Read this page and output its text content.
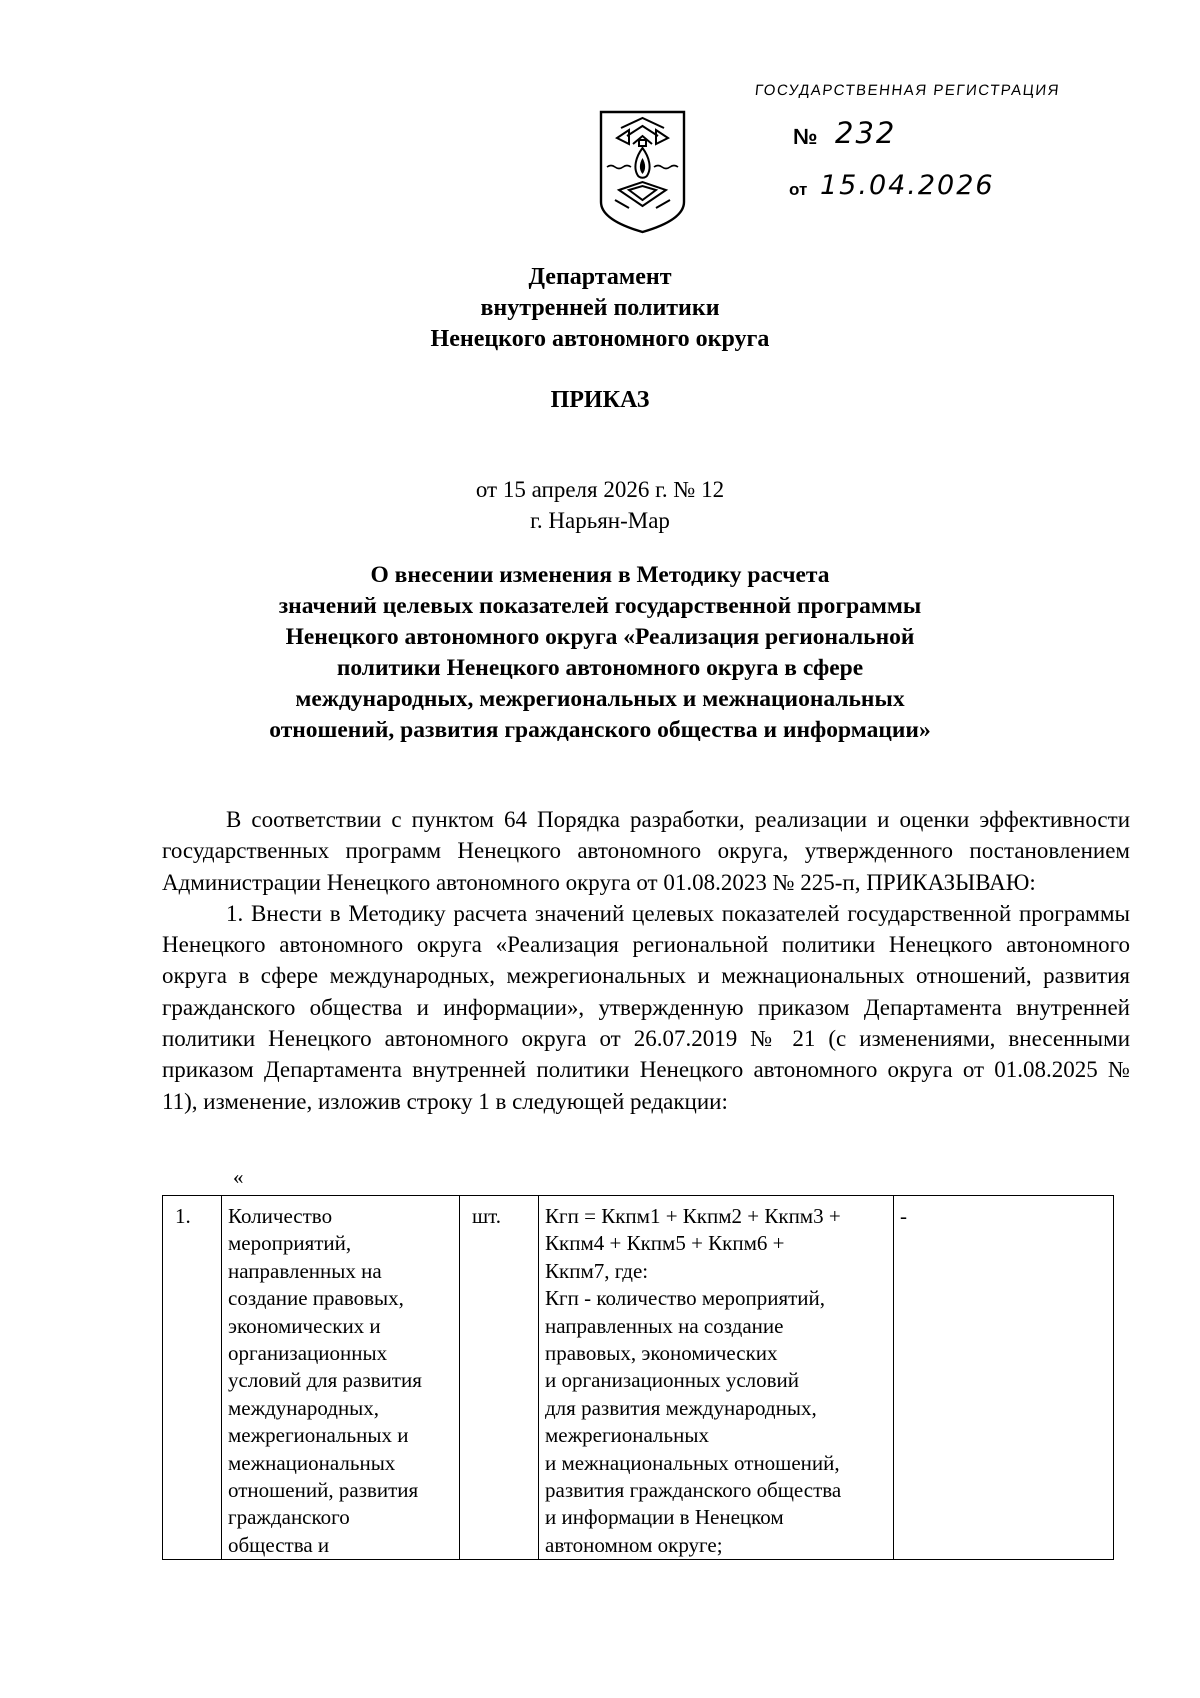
ГОСУДАРСТВЕННАЯ РЕГИСТРАЦИЯ
№ 232
от 15.04.2026
Департамент
внутренней политики
Ненецкого автономного округа
ПРИКАЗ
от 15 апреля 2026 г. № 12
г. Нарьян-Мар
О внесении изменения в Методику расчета
значений целевых показателей государственной программы
Ненецкого автономного округа «Реализация региональной
политики Ненецкого автономного округа в сфере
международных, межрегиональных и межнациональных
отношений, развития гражданского общества и информации»

В соответствии с пунктом 64 Порядка разработки, реализации и оценки эффективности государственных программ Ненецкого автономного округа, утвержденного постановлением Администрации Ненецкого автономного округа от 01.08.2023 № 225-п, ПРИКАЗЫВАЮ:

1. Внести в Методику расчета значений целевых показателей государственной программы Ненецкого автономного округа «Реализация региональной политики Ненецкого автономного округа в сфере международных, межрегиональных и межнациональных отношений, развития гражданского общества и информации», утвержденную приказом Департамента внутренней политики Ненецкого автономного округа от 26.07.2019 № 21 (с изменениями, внесенными приказом Департамента внутренней политики Ненецкого автономного округа от 01.08.2025 № 11), изменение, изложив строку 1 в следующей редакции:

«
1.	Количество
мероприятий,
направленных на
создание правовых,
экономических и
организационных
условий для развития
международных,
межрегиональных и
межнациональных
отношений, развития
гражданского
общества и
	шт.	Кгп = Ккпм1 + Ккпм2 + Ккпм3 +
Ккпм4 + Ккпм5 + Ккпм6 +
Ккпм7, где:
Кгп - количество мероприятий,
направленных на создание
правовых, экономических
и организационных условий
для развития международных,
межрегиональных
и межнациональных отношений,
развития гражданского общества
и информации в Ненецком
автономном округе;
	-
